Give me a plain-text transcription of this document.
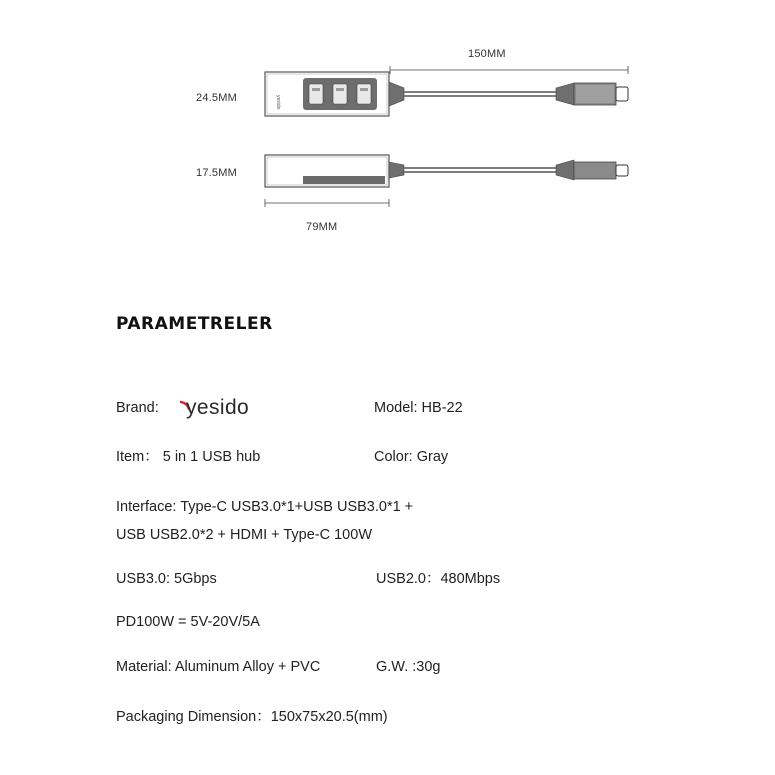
yesido
150MM
24.5MM
17.5MM
79MM
PARAMETRELER
Brand: yesido	Model: HB-22
Item： 5 in 1 USB hub	Color: Gray
Interface: Type-C USB3.0*1+USB USB3.0*1 +
USB USB2.0*2 + HDMI + Type-C 100W
USB3.0: 5Gbps	USB2.0：480Mbps
PD100W = 5V-20V/5A
Material: Aluminum Alloy + PVC	G.W. :30g
Packaging Dimension：150x75x20.5(mm)
